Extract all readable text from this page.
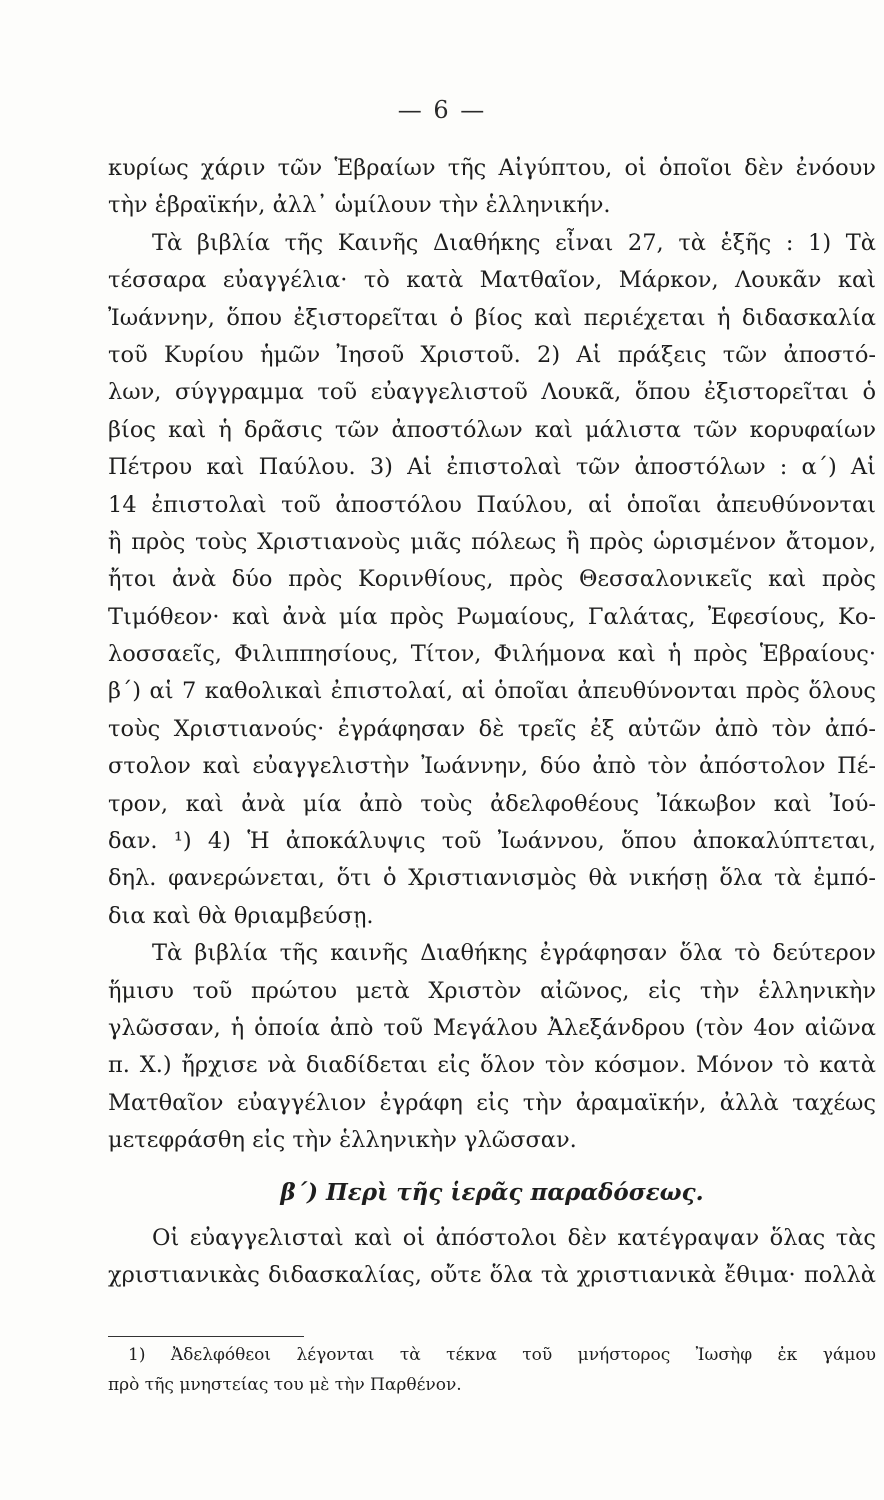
— 6 —
κυρίως χάριν τῶν Ἑβραίων τῆς Αἰγύπτου, οἱ ὁποῖοι δὲν ἐνόουν
τὴν ἑβραϊκήν, ἀλλ᾿ ὡμίλουν τὴν ἑλληνικήν.
Τὰ βιβλία τῆς Καινῆς Διαθήκης εἶναι 27, τὰ ἑξῆς : 1) Τὰ
τέσσαρα εὐαγγέλια· τὸ κατὰ Ματθαῖον, Μάρκον, Λουκᾶν καὶ
Ἰωάννην, ὅπου ἐξιστορεῖται ὁ βίος καὶ περιέχεται ἡ διδασκαλία
τοῦ Κυρίου ἡμῶν Ἰησοῦ Χριστοῦ. 2) Αἱ πράξεις τῶν ἀποστό-
λων, σύγγραμμα τοῦ εὐαγγελιστοῦ Λουκᾶ, ὅπου ἐξιστορεῖται ὁ
βίος καὶ ἡ δρᾶσις τῶν ἀποστόλων καὶ μάλιστα τῶν κορυφαίων
Πέτρου καὶ Παύλου. 3) Αἱ ἐπιστολαὶ τῶν ἀποστόλων : α΄) Αἱ
14 ἐπιστολαὶ τοῦ ἀποστόλου Παύλου, αἱ ὁποῖαι ἀπευθύνονται
ἢ πρὸς τοὺς Χριστιανοὺς μιᾶς πόλεως ἢ πρὸς ὡρισμένον ἄτομον,
ἤτοι ἀνὰ δύο πρὸς Κορινθίους, πρὸς Θεσσαλονικεῖς καὶ πρὸς
Τιμόθεον· καὶ ἀνὰ μία πρὸς Ρωμαίους, Γαλάτας, Ἐφεσίους, Κο-
λοσσαεῖς, Φιλιππησίους, Τίτον, Φιλήμονα καὶ ἡ πρὸς Ἑβραίους·
β΄) αἱ 7 καθολικαὶ ἐπιστολαί, αἱ ὁποῖαι ἀπευθύνονται πρὸς ὅλους
τοὺς Χριστιανούς· ἐγράφησαν δὲ τρεῖς ἐξ αὐτῶν ἀπὸ τὸν ἀπό-
στολον καὶ εὐαγγελιστὴν Ἰωάννην, δύο ἀπὸ τὸν ἀπόστολον Πέ-
τρον, καὶ ἀνὰ μία ἀπὸ τοὺς ἀδελφοθέους Ἰάκωβον καὶ Ἰού-
δαν. ¹) 4) Ἡ ἀποκάλυψις τοῦ Ἰωάννου, ὅπου ἀποκαλύπτεται,
δηλ. φανερώνεται, ὅτι ὁ Χριστιανισμὸς θὰ νικήσῃ ὅλα τὰ ἐμπό-
δια καὶ θὰ θριαμβεύσῃ.
Τὰ βιβλία τῆς καινῆς Διαθήκης ἐγράφησαν ὅλα τὸ δεύτερον
ἥμισυ τοῦ πρώτου μετὰ Χριστὸν αἰῶνος, εἰς τὴν ἑλληνικὴν
γλῶσσαν, ἡ ὁποία ἀπὸ τοῦ Μεγάλου Ἀλεξάνδρου (τὸν 4ον αἰῶνα
π. Χ.) ἤρχισε νὰ διαδίδεται εἰς ὅλον τὸν κόσμον. Μόνον τὸ κατὰ
Ματθαῖον εὐαγγέλιον ἐγράφη εἰς τὴν ἀραμαϊκήν, ἀλλὰ ταχέως
μετεφράσθη εἰς τὴν ἑλληνικὴν γλῶσσαν.
β΄) Περὶ τῆς ἱερᾶς παραδόσεως.
Οἱ εὐαγγελισταὶ καὶ οἱ ἀπόστολοι δὲν κατέγραψαν ὅλας τὰς
χριστιανικὰς διδασκαλίας, οὔτε ὅλα τὰ χριστιανικὰ ἔθιμα· πολλὰ
1) Ἀδελφόθεοι λέγονται τὰ τέκνα τοῦ μνήστορος Ἰωσὴφ ἐκ γάμου
πρὸ τῆς μνηστείας του μὲ τὴν Παρθένον.
